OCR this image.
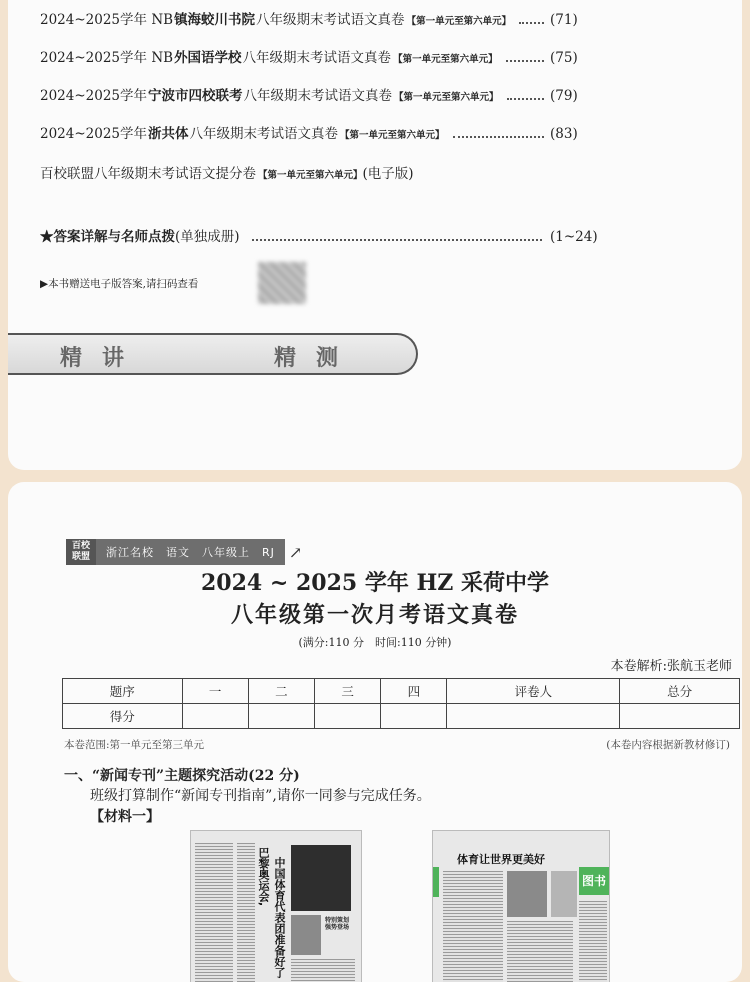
2024~2025学年 NB 镇海蛟川书院 八年级期末考试语文真卷 【第一单元至第六单元】	(71)
2024~2025学年 NB 外国语学校 八年级期末考试语文真卷 【第一单元至第六单元】	(75)
2024~2025学年 宁波市四校联考 八年级期末考试语文真卷 【第一单元至第六单元】	(79)
2024~2025学年 浙共体 八年级期末考试语文真卷 【第一单元至第六单元】	(83)
百校联盟八年级期末考试语文提分卷 【第一单元至第六单元】 (电子版)
★答案详解与名师点拨 (单独成册)	(1~24)
▶本书赠送电子版答案,请扫码查看
精讲	精测
百校联盟	浙江名校　语文　八年级上　RJ ↗
2024 ~ 2025 学年 HZ 采荷中学
八年级第一次月考语文真卷
(满分:110 分　时间:110 分钟)
本卷解析:张航玉老师
题序	一	二	三	四	评卷人	总分
得分						
本卷范围:第一单元至第三单元	(本卷内容根据新教材修订)
一、“新闻专刊”主题探究活动(22 分)
班级打算制作“新闻专刊指南”,请你一同参与完成任务。
【材料一】
巴黎奥运会, 中国体育代表团准备好了	特别策划 强势登场
体育让世界更美好
图书
